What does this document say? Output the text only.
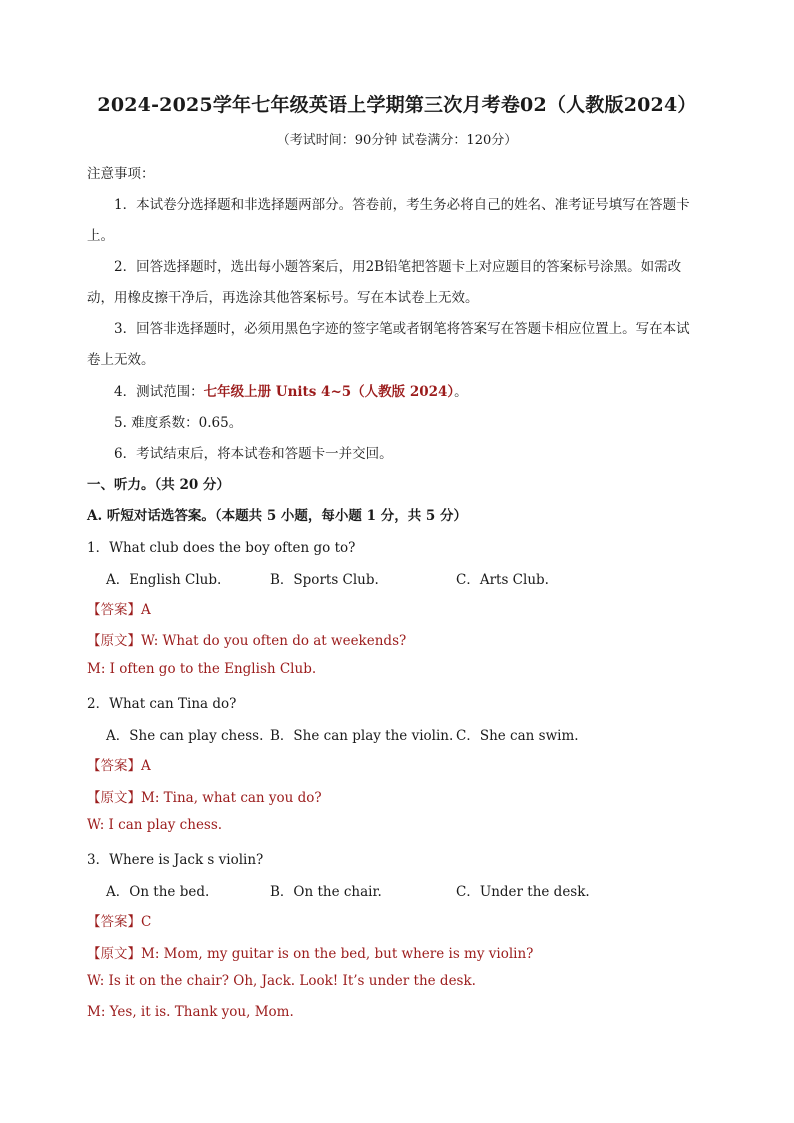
2024-2025学年七年级英语上学期第三次月考卷02（人教版2024）
（考试时间：90分钟 试卷满分：120分）
注意事项：
1．本试卷分选择题和非选择题两部分。答卷前，考生务必将自己的姓名、准考证号填写在答题卡
上。
2．回答选择题时，选出每小题答案后，用2B铅笔把答题卡上对应题目的答案标号涂黑。如需改
动，用橡皮擦干净后，再选涂其他答案标号。写在本试卷上无效。
3．回答非选择题时，必须用黑色字迹的签字笔或者钢笔将答案写在答题卡相应位置上。写在本试
卷上无效。
4．测试范围：七年级上册 Units 4~5（人教版 2024）。
5. 难度系数：0.65。
6．考试结束后，将本试卷和答题卡一并交回。
一、听力。（共 20 分）
A. 听短对话选答案。（本题共 5 小题，每小题 1 分，共 5 分）
1．What club does the boy often go to?
A．English Club.	B．Sports Club.	C．Arts Club.
【答案】A
【原文】W: What do you often do at weekends?
M: I often go to the English Club.
2．What can Tina do?
A．She can play chess. B．She can play the violin. C．She can swim.
【答案】A
【原文】M: Tina, what can you do?
W: I can play chess.
3．Where is Jack s violin?
A．On the bed.	B．On the chair.	C．Under the desk.
【答案】C
【原文】M: Mom, my guitar is on the bed, but where is my violin?
W: Is it on the chair? Oh, Jack. Look! It’s under the desk.
M: Yes, it is. Thank you, Mom.
